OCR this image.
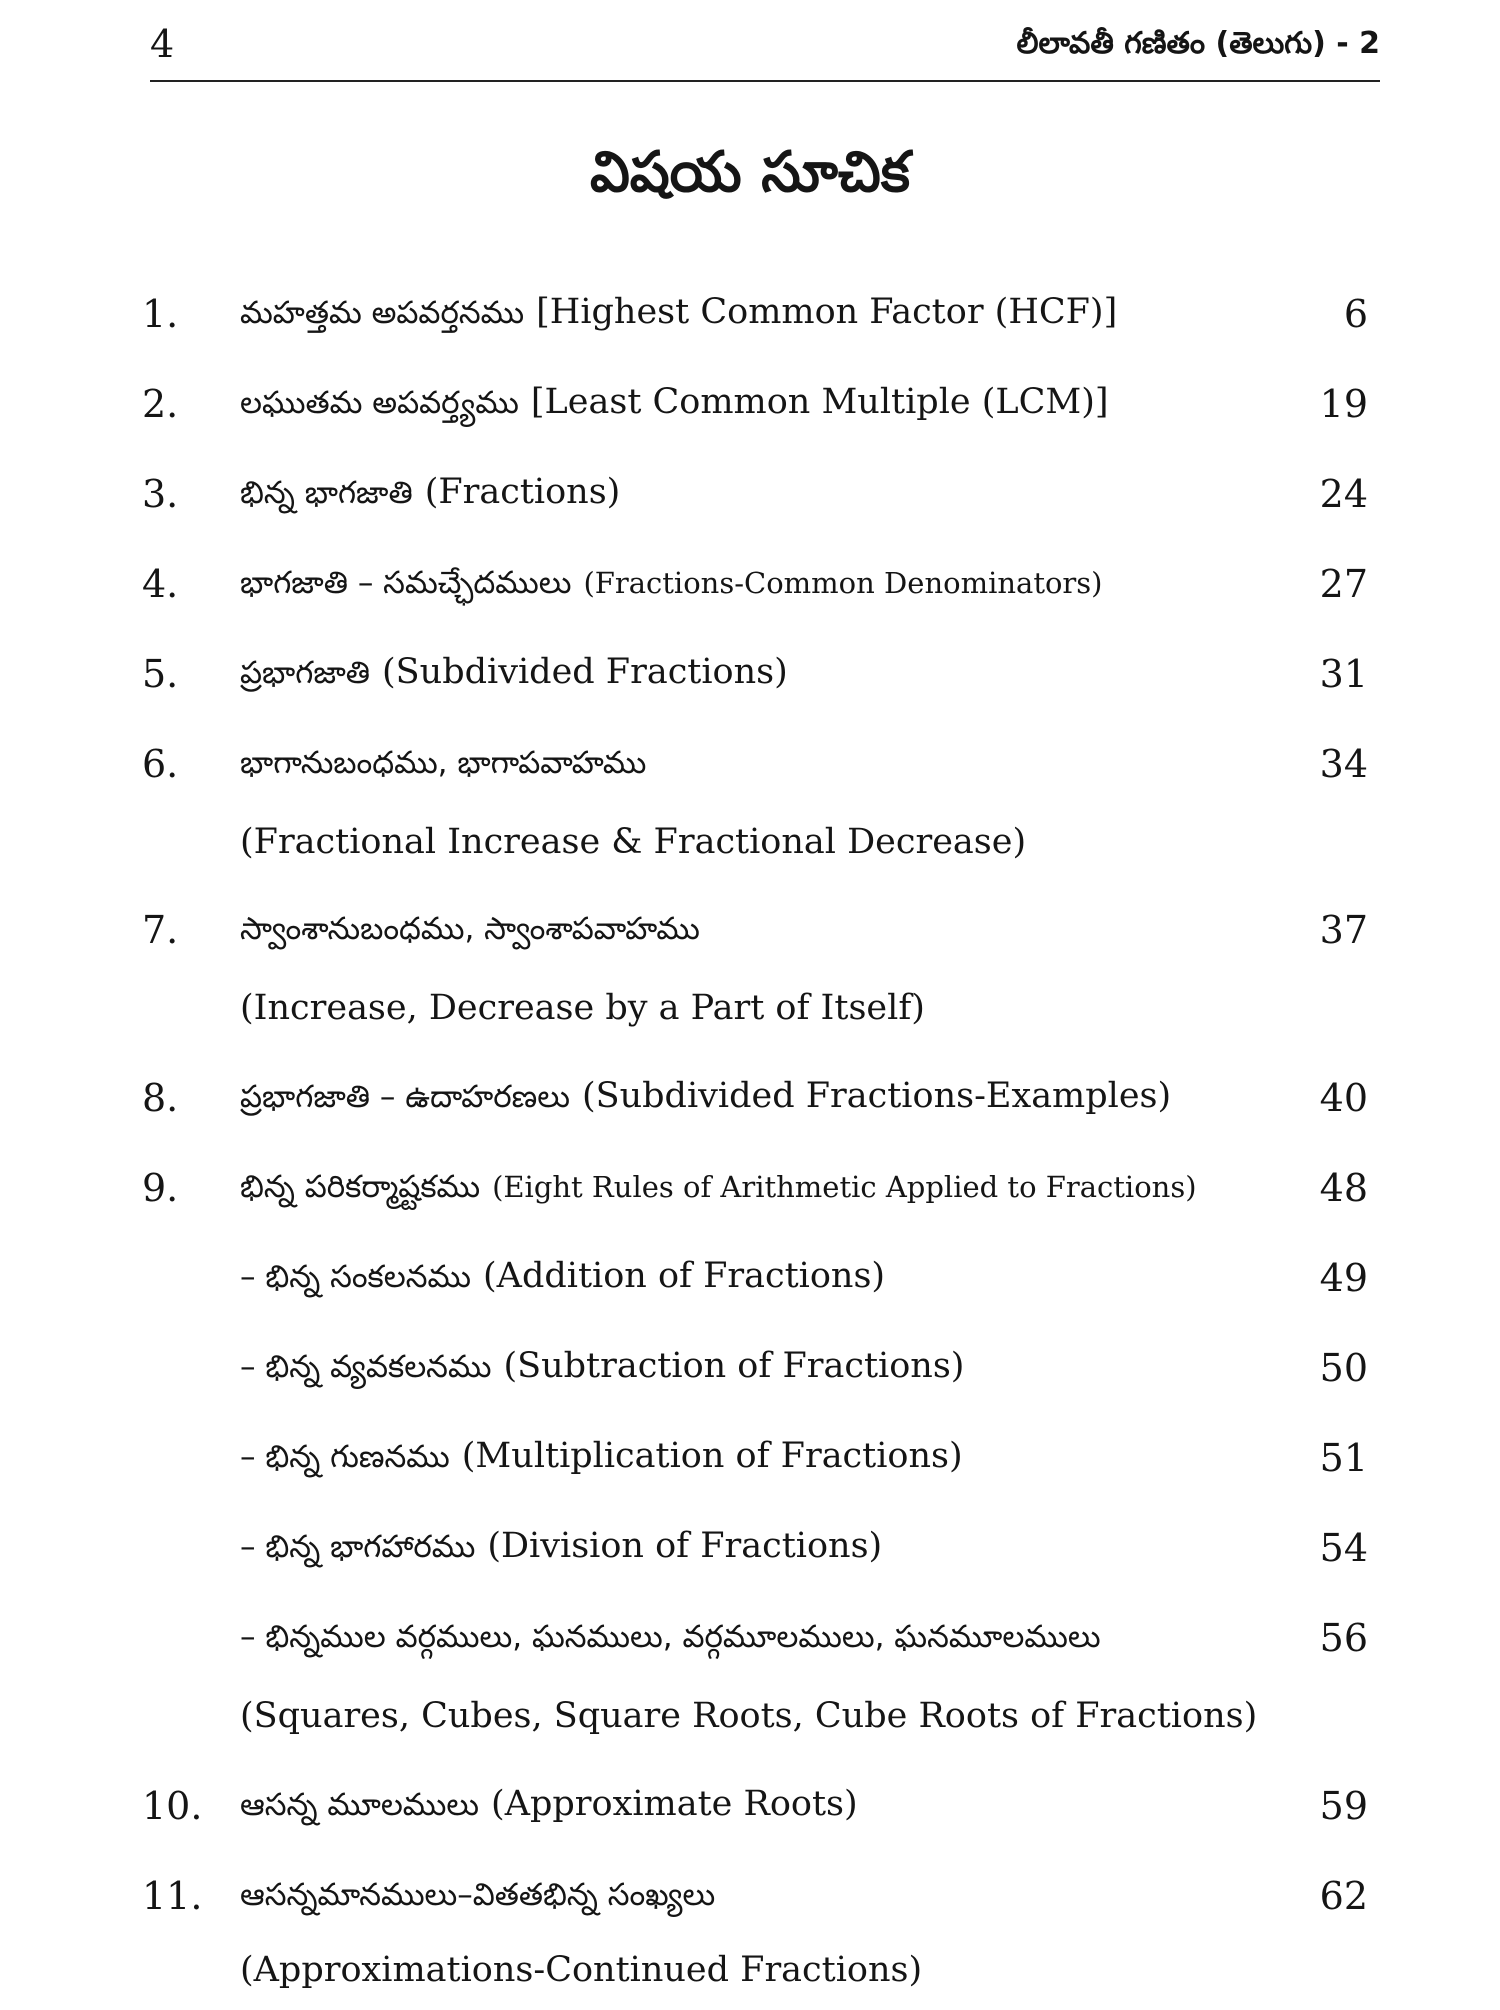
4	లీలావతీ గణితం (తెలుగు) - 2
విషయ సూచిక
1. మహత్తమ అపవర్తనము [Highest Common Factor (HCF)]	6
2. లఘుతమ అపవర్త్యము [Least Common Multiple (LCM)]	19
3. భిన్న భాగజాతి (Fractions)	24
4. భాగజాతి – సమచ్ఛేదములు (Fractions-Common Denominators)	27
5. ప్రభాగజాతి (Subdivided Fractions)	31
6. భాగానుబంధము, భాగాపవాహము	34
(Fractional Increase & Fractional Decrease)
7. స్వాంశానుబంధము, స్వాంశాపవాహము	37
(Increase, Decrease by a Part of Itself)
8. ప్రభాగజాతి – ఉదాహరణలు (Subdivided Fractions-Examples)	40
9. భిన్న పరికర్మాష్టకము (Eight Rules of Arithmetic Applied to Fractions)	48
– భిన్న సంకలనము (Addition of Fractions)	49
– భిన్న వ్యవకలనము (Subtraction of Fractions)	50
– భిన్న గుణనము (Multiplication of Fractions)	51
– భిన్న భాగహారము (Division of Fractions)	54
– భిన్నముల వర్గములు, ఘనములు, వర్గమూలములు, ఘనమూలములు	56
(Squares, Cubes, Square Roots, Cube Roots of Fractions)
10. ఆసన్న మూలములు (Approximate Roots)	59
11. ఆసన్నమానములు–వితతభిన్న సంఖ్యలు	62
(Approximations-Continued Fractions)
